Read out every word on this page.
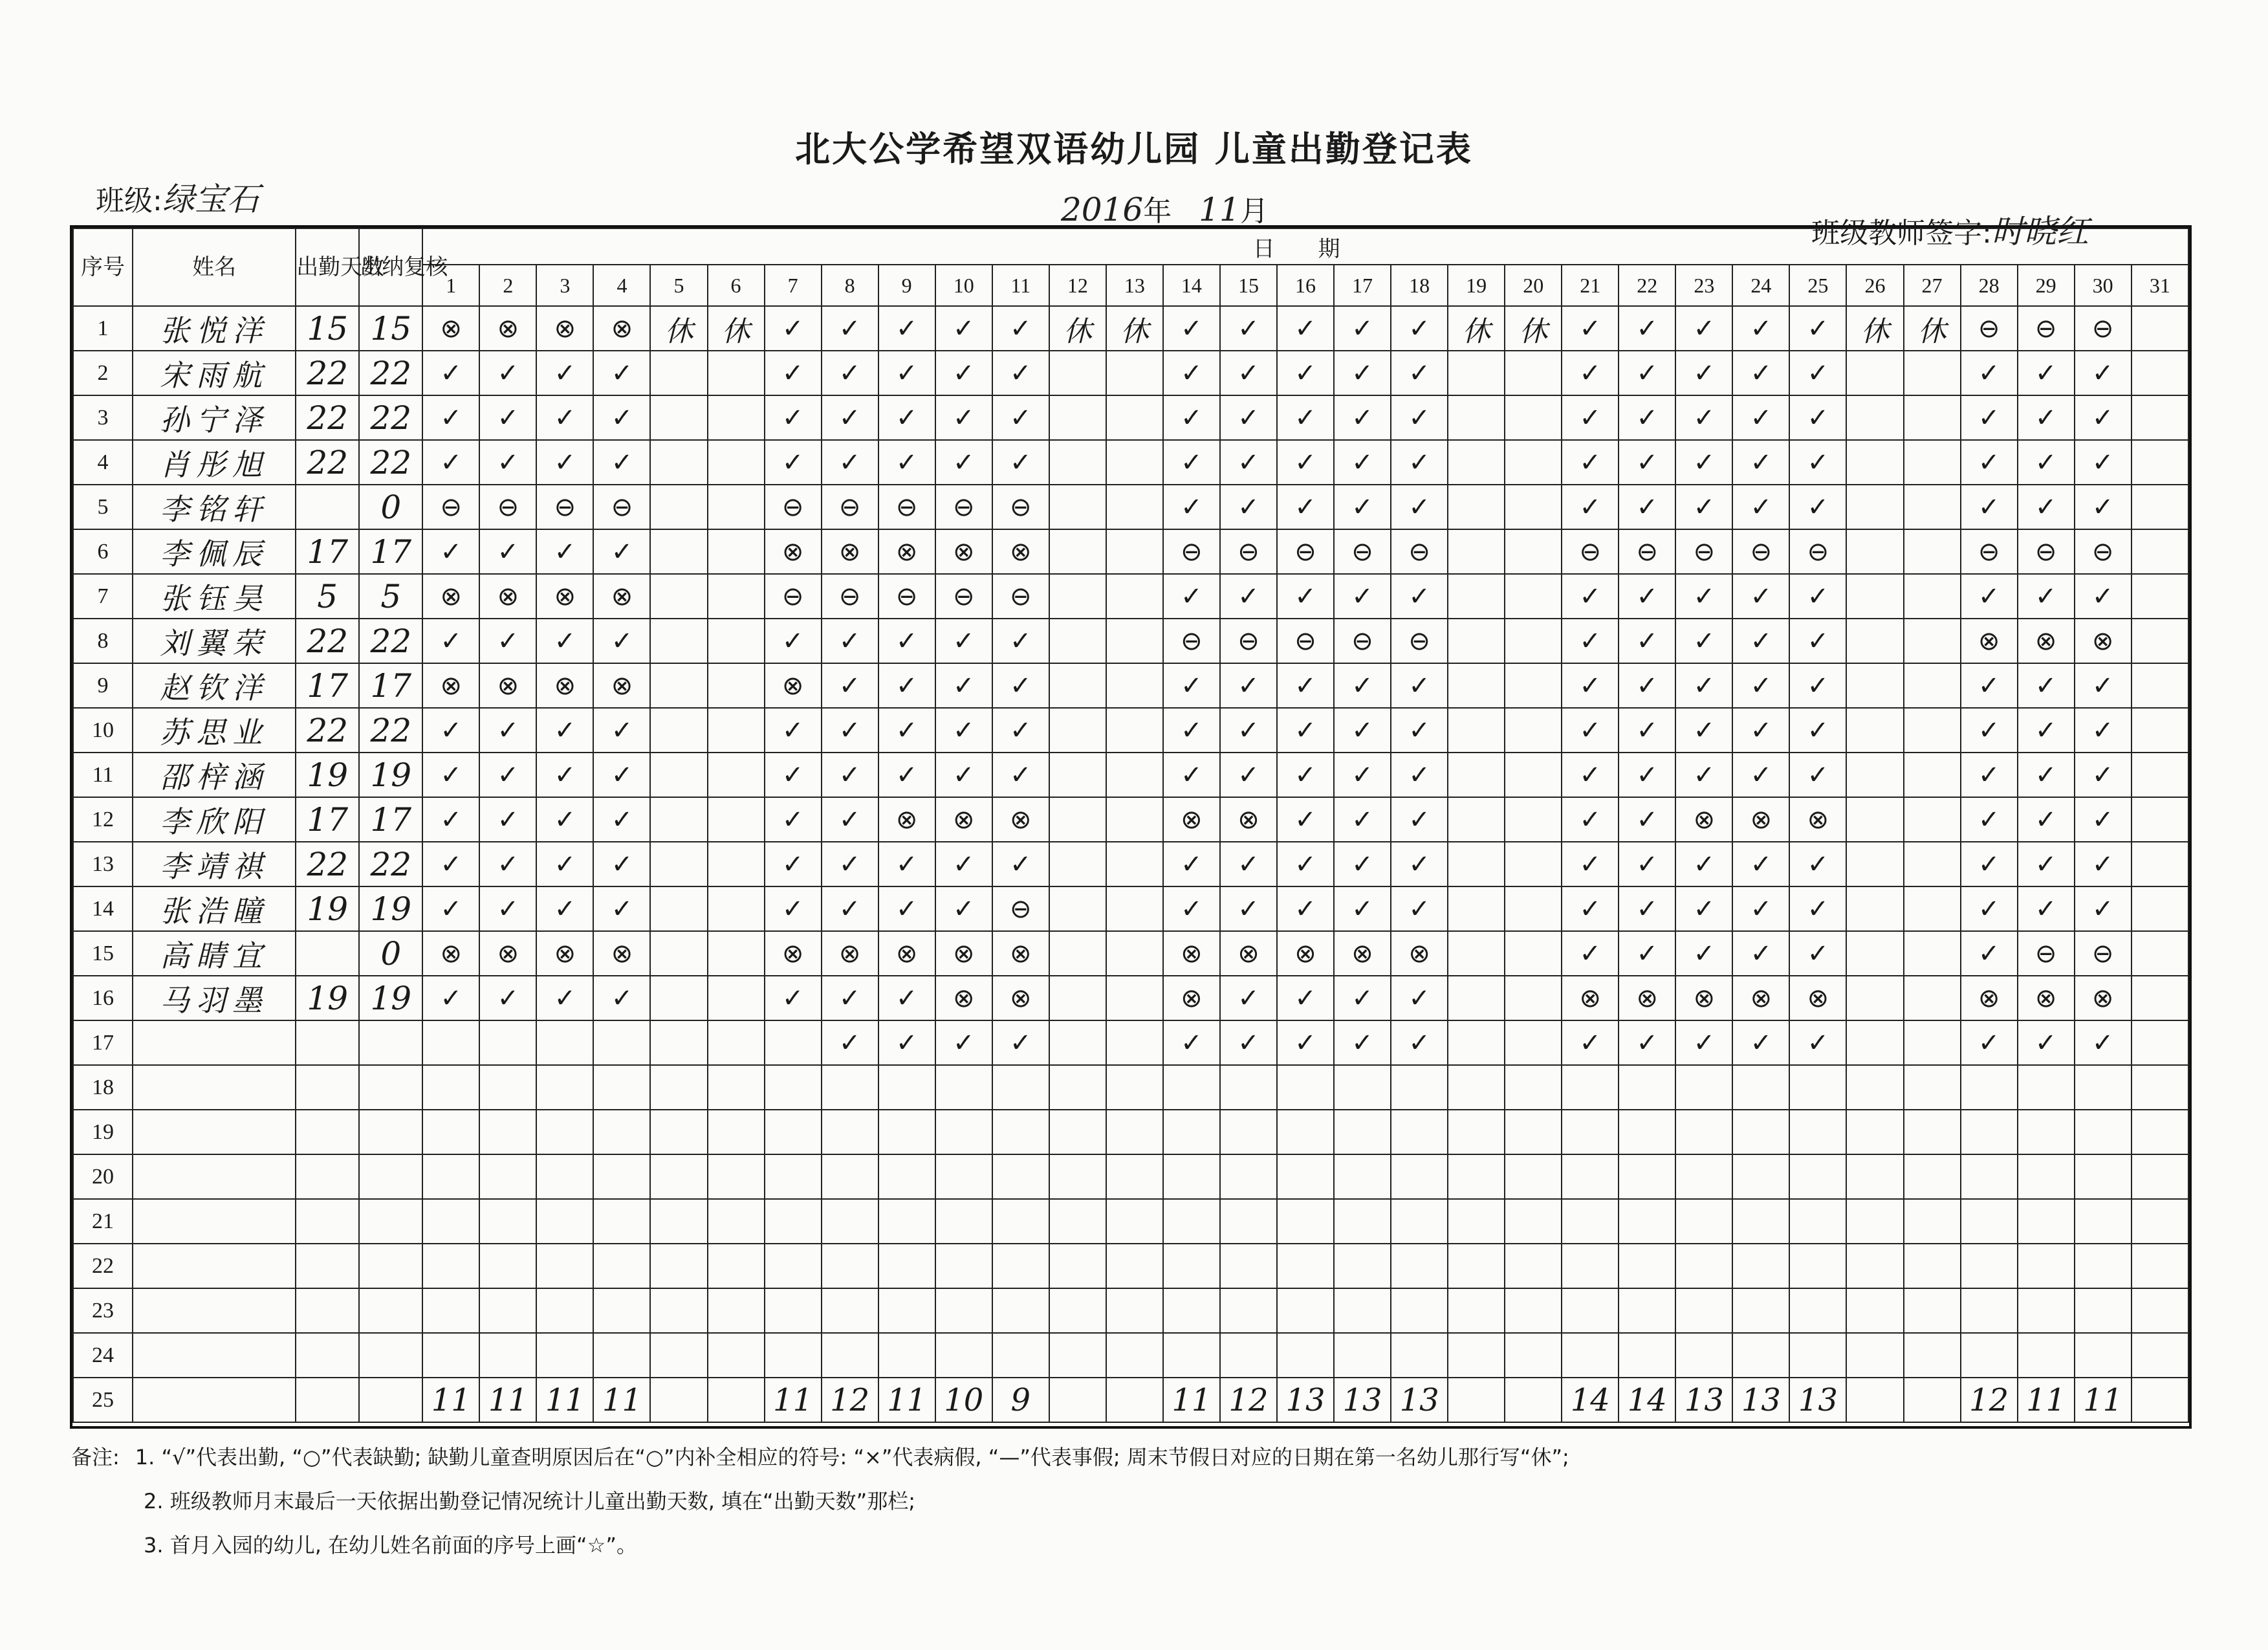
北大公学希望双语幼儿园 儿童出勤登记表
班级:绿宝石	2016年 11月
班级教师签字:时晓红
序号	姓名	出勤天数	出纳复核	日 期																														
				1	2	3	4	5	6	7	8	9	10	11	12	13	14	15	16	17	18	19	20	21	22	23	24	25	26	27	28	29	30	31
1	张悦洋	15	15	⊗	⊗	⊗	⊗	休	休	✓	✓	✓	✓	✓	休	休	✓	✓	✓	✓	✓	休	休	✓	✓	✓	✓	✓	休	休	⊖	⊖	⊖	
2	宋雨航	22	22	✓	✓	✓	✓			✓	✓	✓	✓	✓			✓	✓	✓	✓	✓			✓	✓	✓	✓	✓			✓	✓	✓	
3	孙宁泽	22	22	✓	✓	✓	✓			✓	✓	✓	✓	✓			✓	✓	✓	✓	✓			✓	✓	✓	✓	✓			✓	✓	✓	
4	肖彤旭	22	22	✓	✓	✓	✓			✓	✓	✓	✓	✓			✓	✓	✓	✓	✓			✓	✓	✓	✓	✓			✓	✓	✓	
5	李铭轩		0	⊖	⊖	⊖	⊖			⊖	⊖	⊖	⊖	⊖			✓	✓	✓	✓	✓			✓	✓	✓	✓	✓			✓	✓	✓	
6	李佩辰	17	17	✓	✓	✓	✓			⊗	⊗	⊗	⊗	⊗			⊖	⊖	⊖	⊖	⊖			⊖	⊖	⊖	⊖	⊖			⊖	⊖	⊖	
7	张钰昊	5	5	⊗	⊗	⊗	⊗			⊖	⊖	⊖	⊖	⊖			✓	✓	✓	✓	✓			✓	✓	✓	✓	✓			✓	✓	✓	
8	刘翼荣	22	22	✓	✓	✓	✓			✓	✓	✓	✓	✓			⊖	⊖	⊖	⊖	⊖			✓	✓	✓	✓	✓			⊗	⊗	⊗	
9	赵钦洋	17	17	⊗	⊗	⊗	⊗			⊗	✓	✓	✓	✓			✓	✓	✓	✓	✓			✓	✓	✓	✓	✓			✓	✓	✓	
10	苏思业	22	22	✓	✓	✓	✓			✓	✓	✓	✓	✓			✓	✓	✓	✓	✓			✓	✓	✓	✓	✓			✓	✓	✓	
11	邵梓涵	19	19	✓	✓	✓	✓			✓	✓	✓	✓	✓			✓	✓	✓	✓	✓			✓	✓	✓	✓	✓			✓	✓	✓	
12	李欣阳	17	17	✓	✓	✓	✓			✓	✓	⊗	⊗	⊗			⊗	⊗	✓	✓	✓			✓	✓	⊗	⊗	⊗			✓	✓	✓	
13	李靖祺	22	22	✓	✓	✓	✓			✓	✓	✓	✓	✓			✓	✓	✓	✓	✓			✓	✓	✓	✓	✓			✓	✓	✓	
14	张浩瞳	19	19	✓	✓	✓	✓			✓	✓	✓	✓	⊖			✓	✓	✓	✓	✓			✓	✓	✓	✓	✓			✓	✓	✓	
15	高睛宜		0	⊗	⊗	⊗	⊗			⊗	⊗	⊗	⊗	⊗			⊗	⊗	⊗	⊗	⊗			✓	✓	✓	✓	✓			✓	⊖	⊖	
16	马羽墨	19	19	✓	✓	✓	✓			✓	✓	✓	⊗	⊗			⊗	✓	✓	✓	✓			⊗	⊗	⊗	⊗	⊗			⊗	⊗	⊗	
17											✓	✓	✓	✓			✓	✓	✓	✓	✓			✓	✓	✓	✓	✓			✓	✓	✓	
18																																		
19																																		
20																																		
21																																		
22																																		
23																																		
24																																		
25				11	11	11	11			11	12	11	10	9			11	12	13	13	13			14	14	13	13	13			12	11	11	
备注: 1. “√”代表出勤, “○”代表缺勤; 缺勤儿童查明原因后在“○”内补全相应的符号: “×”代表病假, “—”代表事假; 周末节假日对应的日期在第一名幼儿那行写“休”;
2. 班级教师月末最后一天依据出勤登记情况统计儿童出勤天数, 填在“出勤天数”那栏;
3. 首月入园的幼儿, 在幼儿姓名前面的序号上画“☆”。
